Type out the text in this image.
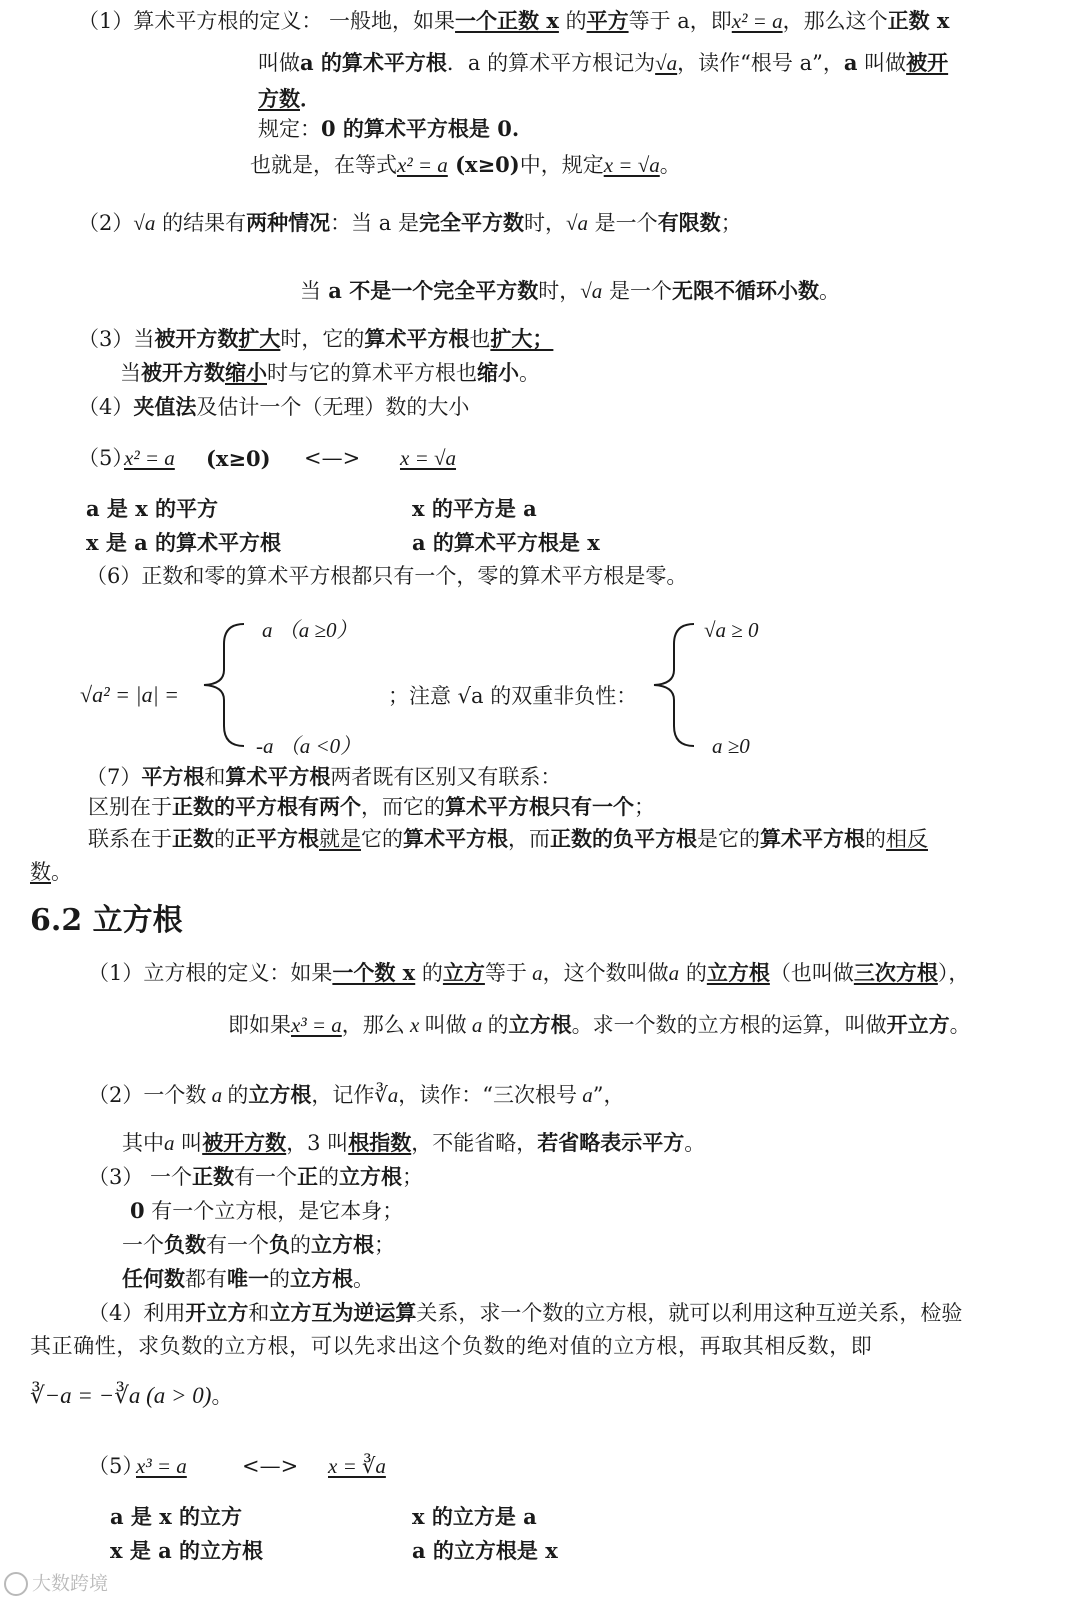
（1）算术平方根的定义： 一般地，如果一个正数 x 的平方等于 a，即x² = a，那么这个正数 x
叫做a 的算术平方根．a 的算术平方根记为√a，读作“根号 a”，a 叫做被开
方数．
规定：0 的算术平方根是 0.
也就是，在等式x² = a (x≥0)中，规定x = √a。
（2）√a 的结果有两种情况：当 a 是完全平方数时，√a 是一个有限数；
当 a 不是一个完全平方数时，√a 是一个无限不循环小数。
（3）当被开方数扩大时，它的算术平方根也扩大；
当被开方数缩小时与它的算术平方根也缩小。
（4）夹值法及估计一个（无理）数的大小
（5）
x² = a (x≥0) <—> x = √a
a 是 x 的平方	x 的平方是 a
x 是 a 的算术平方根	a 的算术平方根是 x
（6）正数和零的算术平方根都只有一个，零的算术平方根是零。
√a² = |a| =
a （a ≥0）
-a （a <0）
；注意 √a 的双重非负性：
√a ≥ 0
a ≥0
（7）平方根和算术平方根两者既有区别又有联系：
区别在于正数的平方根有两个，而它的算术平方根只有一个；
联系在于正数的正平方根就是它的算术平方根，而正数的负平方根是它的算术平方根的相反
数。
6.2 立方根
（1）立方根的定义：如果一个数 x 的立方等于 a，这个数叫做a 的立方根（也叫做三次方根），
即如果x³ = a，那么 x 叫做 a 的立方根。求一个数的立方根的运算，叫做开立方。
（2）一个数 a 的立方根，记作∛a，读作：“三次根号 a”，
其中a 叫被开方数，3 叫根指数，不能省略，若省略表示平方。
（3） 一个正数有一个正的立方根；
0 有一个立方根，是它本身；
一个负数有一个负的立方根；
任何数都有唯一的立方根。
（4）利用开立方和立方互为逆运算关系，求一个数的立方根，就可以利用这种互逆关系，检验
其正确性，求负数的立方根，可以先求出这个负数的绝对值的立方根，再取其相反数，即
∛−a = −∛a (a > 0)。
（5）
x³ = a	<—> x = ∛a
a 是 x 的立方	x 的立方是 a
x 是 a 的立方根	a 的立方根是 x
大数跨境
